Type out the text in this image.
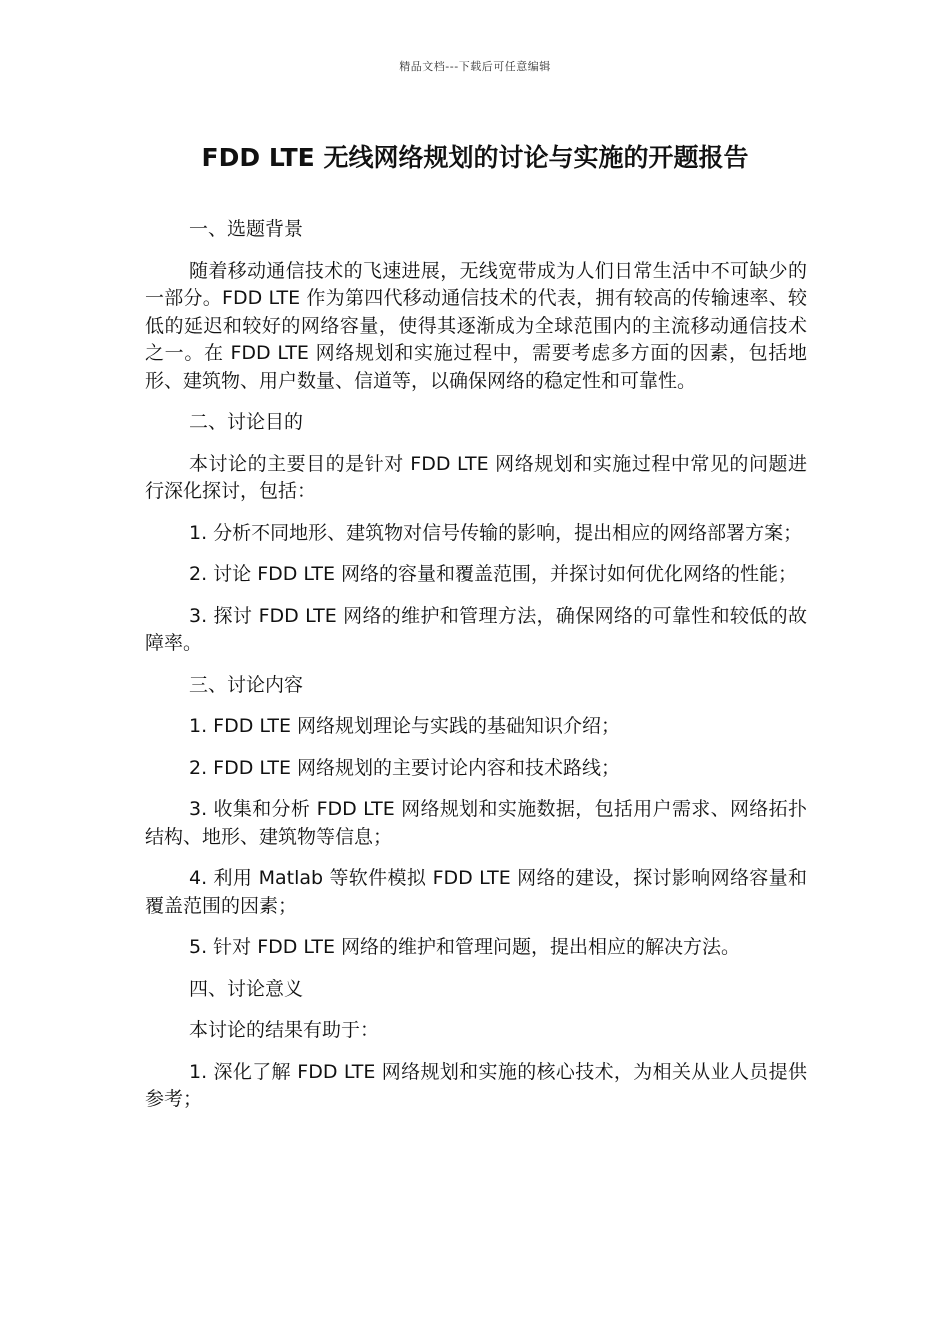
精品文档---下载后可任意编辑
FDD LTE 无线网络规划的讨论与实施的开题报告

一、选题背景

随着移动通信技术的飞速进展，无线宽带成为人们日常生活中不可缺少的一部分。FDD LTE 作为第四代移动通信技术的代表，拥有较高的传输速率、较低的延迟和较好的网络容量，使得其逐渐成为全球范围内的主流移动通信技术之一。在 FDD LTE 网络规划和实施过程中，需要考虑多方面的因素，包括地形、建筑物、用户数量、信道等，以确保网络的稳定性和可靠性。

二、讨论目的

本讨论的主要目的是针对 FDD LTE 网络规划和实施过程中常见的问题进行深化探讨，包括：

1. 分析不同地形、建筑物对信号传输的影响，提出相应的网络部署方案；

2. 讨论 FDD LTE 网络的容量和覆盖范围，并探讨如何优化网络的性能；

3. 探讨 FDD LTE 网络的维护和管理方法，确保网络的可靠性和较低的故障率。

三、讨论内容

1. FDD LTE 网络规划理论与实践的基础知识介绍；

2. FDD LTE 网络规划的主要讨论内容和技术路线；

3. 收集和分析 FDD LTE 网络规划和实施数据，包括用户需求、网络拓扑结构、地形、建筑物等信息；

4. 利用 Matlab 等软件模拟 FDD LTE 网络的建设，探讨影响网络容量和覆盖范围的因素；

5. 针对 FDD LTE 网络的维护和管理问题，提出相应的解决方法。

四、讨论意义

本讨论的结果有助于：

1. 深化了解 FDD LTE 网络规划和实施的核心技术，为相关从业人员提供参考；
